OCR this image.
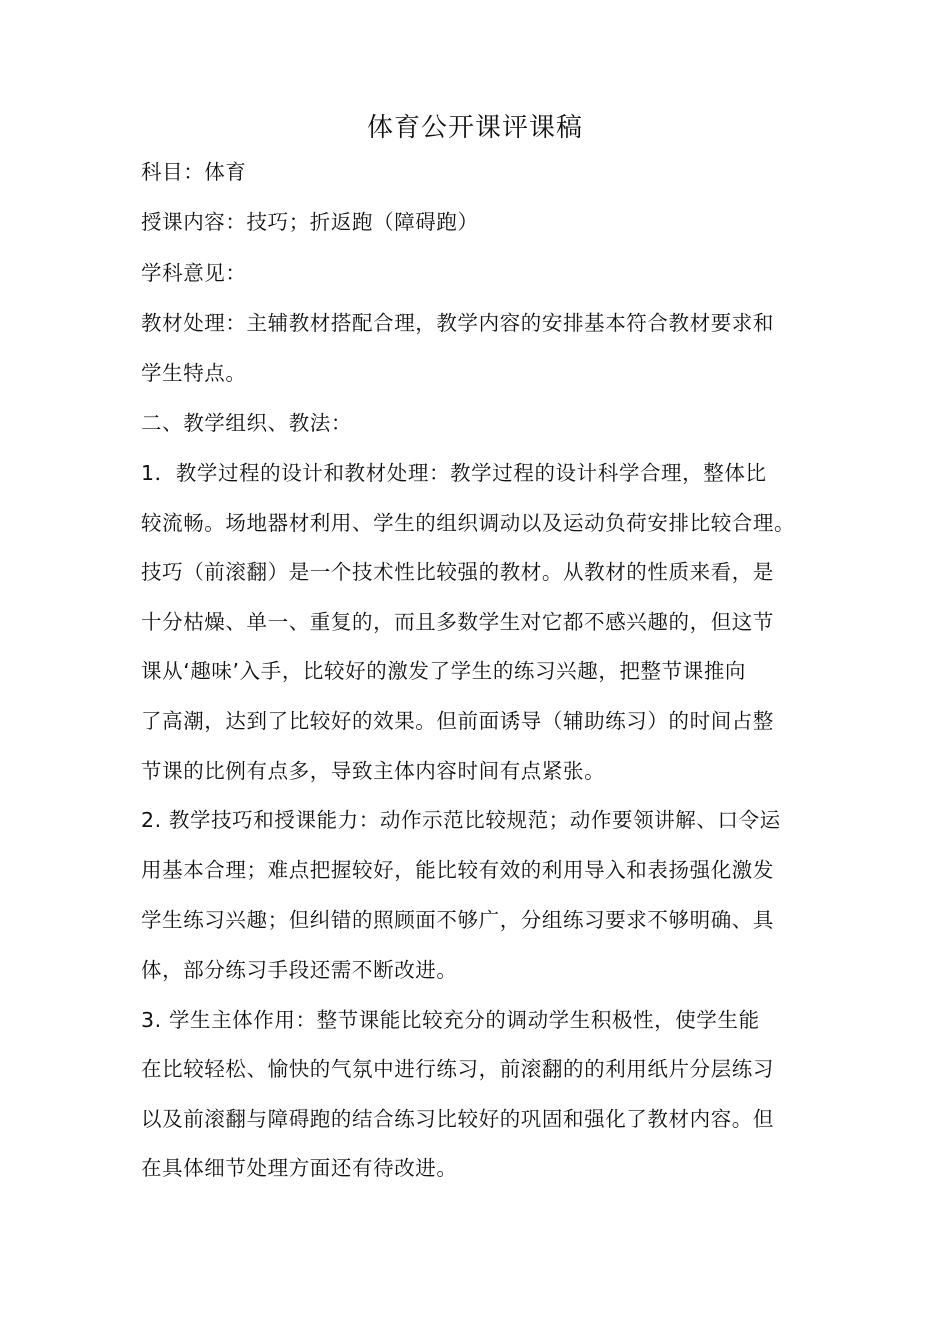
体育公开课评课稿
科目：体育
授课内容：技巧；折返跑（障碍跑）
学科意见：
教材处理：主辅教材搭配合理，教学内容的安排基本符合教材要求和
学生特点。
二、教学组织、教法：
1．教学过程的设计和教材处理：教学过程的设计科学合理，整体比
较流畅。场地器材利用、学生的组织调动以及运动负荷安排比较合理。
技巧（前滚翻）是一个技术性比较强的教材。从教材的性质来看，是
十分枯燥、单一、重复的，而且多数学生对它都不感兴趣的，但这节
课从‘趣味’入手，比较好的激发了学生的练习兴趣，把整节课推向
了高潮，达到了比较好的效果。但前面诱导（辅助练习）的时间占整
节课的比例有点多，导致主体内容时间有点紧张。
2. 教学技巧和授课能力：动作示范比较规范；动作要领讲解、口令运
用基本合理；难点把握较好，能比较有效的利用导入和表扬强化激发
学生练习兴趣；但纠错的照顾面不够广，分组练习要求不够明确、具
体，部分练习手段还需不断改进。
3. 学生主体作用：整节课能比较充分的调动学生积极性，使学生能
在比较轻松、愉快的气氛中进行练习，前滚翻的的利用纸片分层练习
以及前滚翻与障碍跑的结合练习比较好的巩固和强化了教材内容。但
在具体细节处理方面还有待改进。
